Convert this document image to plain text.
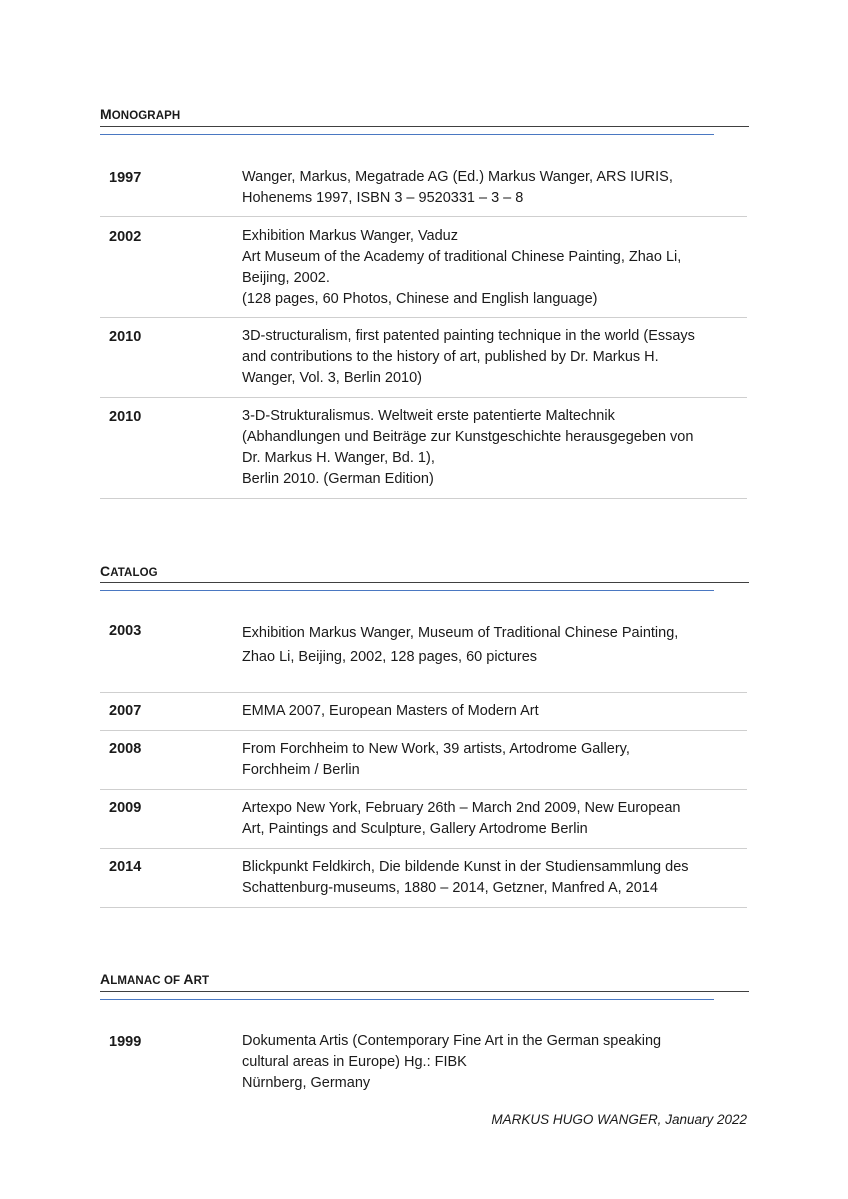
MONOGRAPH
1997	Wanger, Markus, Megatrade AG (Ed.) Markus Wanger, ARS IURIS,
Hohenems 1997, ISBN 3 – 9520331 – 3 – 8
2002	Exhibition Markus Wanger, Vaduz
Art Museum of the Academy of traditional Chinese Painting, Zhao Li,
Beijing, 2002.
(128 pages, 60 Photos, Chinese and English language)
2010	3D-structuralism, first patented painting technique in the world (Essays
and contributions to the history of art, published by Dr. Markus H.
Wanger, Vol. 3, Berlin 2010)
2010	3-D-Strukturalismus. Weltweit erste patentierte Maltechnik
(Abhandlungen und Beiträge zur Kunstgeschichte herausgegeben von
Dr. Markus H. Wanger, Bd. 1),
Berlin 2010. (German Edition)
CATALOG
2003	Exhibition Markus Wanger, Museum of Traditional Chinese Painting,
Zhao Li, Beijing, 2002, 128 pages, 60 pictures
2007	EMMA 2007, European Masters of Modern Art
2008	From Forchheim to New Work, 39 artists, Artodrome Gallery,
Forchheim / Berlin
2009	Artexpo New York, February 26th – March 2nd 2009, New European
Art, Paintings and Sculpture, Gallery Artodrome Berlin
2014	Blickpunkt Feldkirch, Die bildende Kunst in der Studiensammlung des
Schattenburg-museums, 1880 – 2014, Getzner, Manfred A, 2014
ALMANAC OF ART
1999	Dokumenta Artis (Contemporary Fine Art in the German speaking
cultural areas in Europe) Hg.: FIBK
Nürnberg, Germany
MARKUS HUGO WANGER, January 2022
